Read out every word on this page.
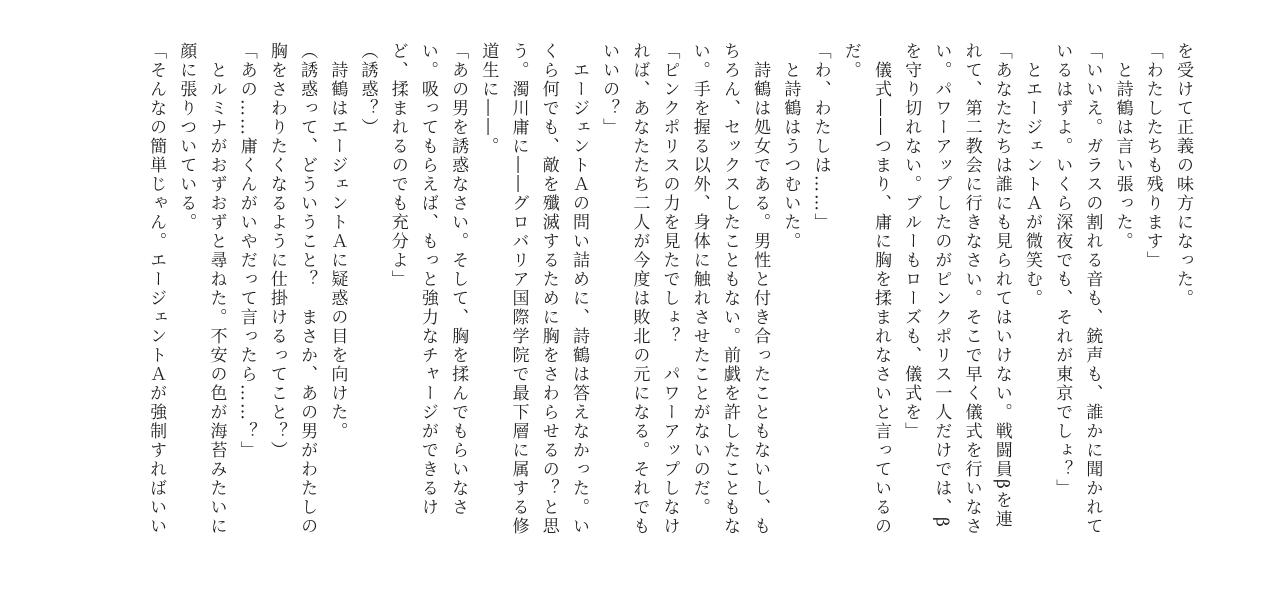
を受けて正義の味方になった。
「わたしたちも残ります」
　と詩鶴は言い張った。
「いいえ。ガラスの割れる音も、銃声も、誰かに聞かれて
いるはずよ。いくら深夜でも、それが東京でしょ？」
　とエージェントＡが微笑む。
「あなたたちは誰にも見られてはいけない。戦闘員βを連
れて、第二教会に行きなさい。そこで早く儀式を行いなさ
い。パワーアップしたのがピンクポリス一人だけでは、β
を守り切れない。ブルーもローズも、儀式を」
　儀式――つまり、庸に胸を揉まれなさいと言っているの
だ。
「わ、わたしは……」
　と詩鶴はうつむいた。
　詩鶴は処女である。男性と付き合ったこともないし、も
ちろん、セックスしたこともない。前戯を許したこともな
い。手を握る以外、身体に触れさせたことがないのだ。
「ピンクポリスの力を見たでしょ？　パワーアップしなけ
れば、あなたたち二人が今度は敗北の元になる。それでも
いいの？」
　エージェントＡの問い詰めに、詩鶴は答えなかった。い
くら何でも、敵を殲滅するために胸をさわらせるの？と思
う。濁川庸に――グロバリア国際学院で最下層に属する修
道生に――。
「あの男を誘惑なさい。そして、胸を揉んでもらいなさ
い。吸ってもらえば、もっと強力なチャージができるけ
ど、揉まれるのでも充分よ」
（誘惑？）
　詩鶴はエージェントＡに疑惑の目を向けた。
（誘惑って、どういうこと？　まさか、あの男がわたしの
胸をさわりたくなるように仕掛けるってこと？）
「あの……庸くんがいやだって言ったら……？」
　とルミナがおずおずと尋ねた。不安の色が海苔みたいに
顔に張りついている。
「そんなの簡単じゃん。エージェントＡが強制すればいい
